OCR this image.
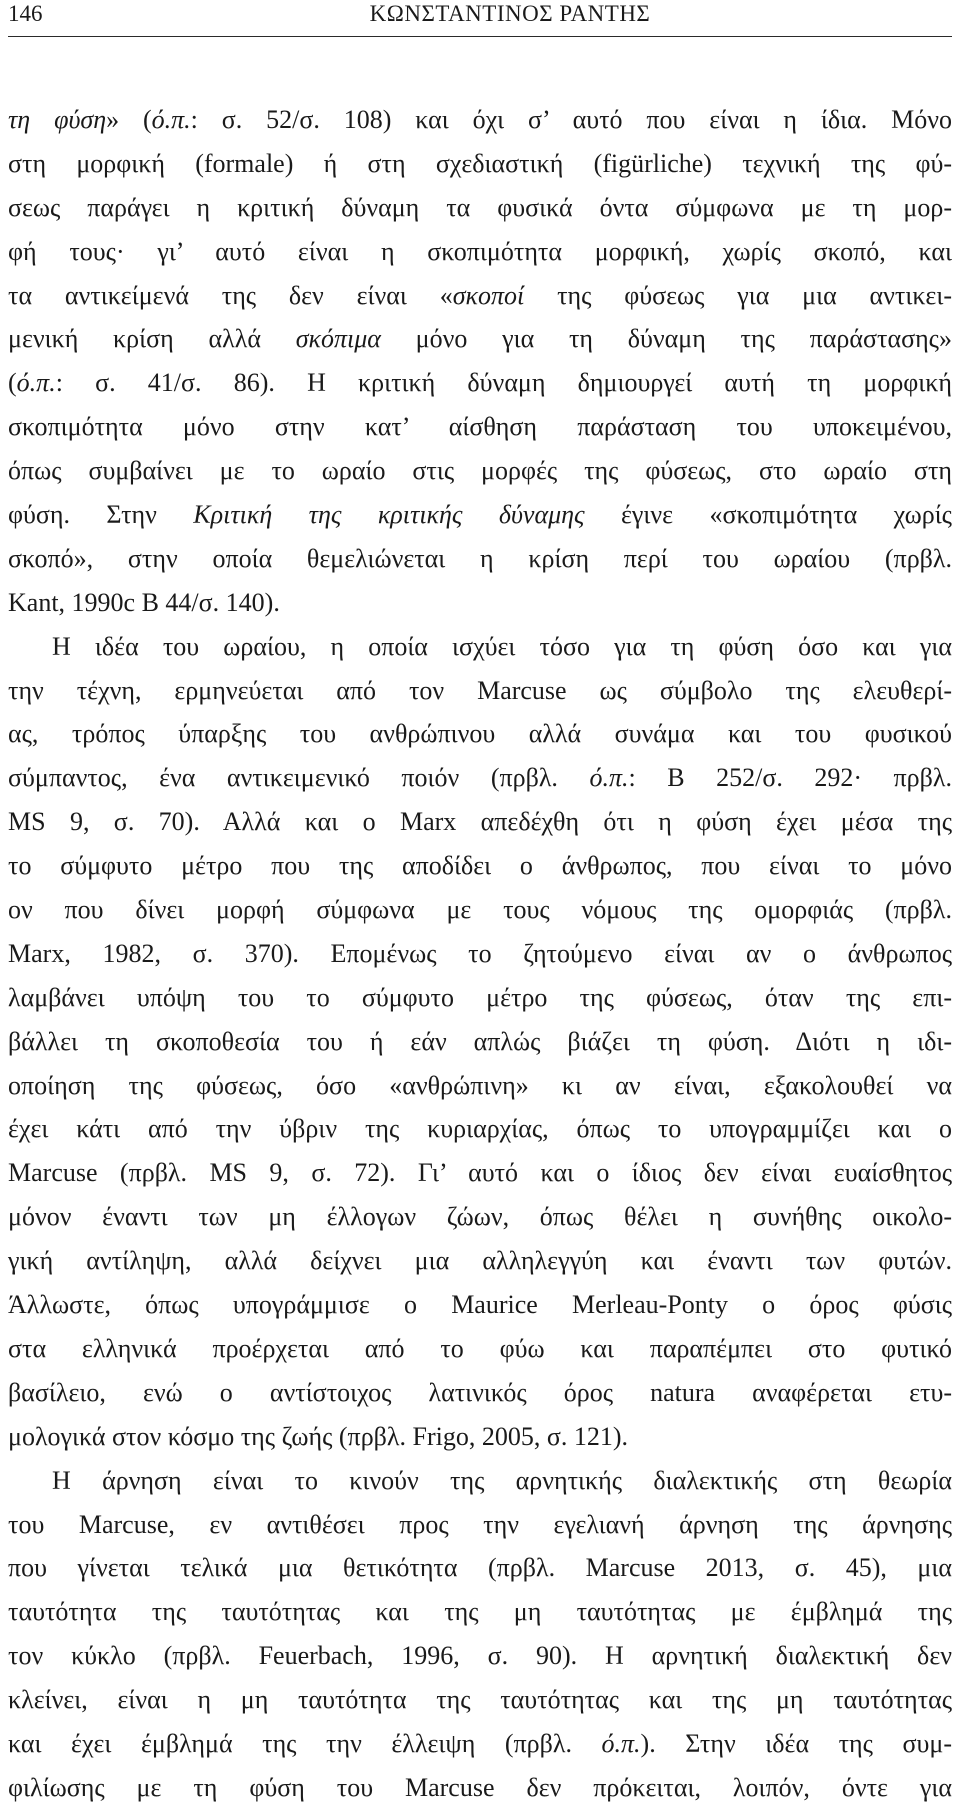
146	ΚΩΝΣΤΑΝΤΙΝΟΣ ΡΑΝΤΗΣ
τη φύση» (ό.π.: σ. 52/σ. 108) και όχι σ’ αυτό που είναι η ίδια. Μόνο
στη μορφική (formale) ή στη σχεδιαστική (figürliche) τεχνική της φύ-
σεως παράγει η κριτική δύναμη τα φυσικά όντα σύμφωνα με τη μορ-
φή τους· γι’ αυτό είναι η σκοπιμότητα μορφική, χωρίς σκοπό, και
τα αντικείμενά της δεν είναι «σκοποί της φύσεως για μια αντικει-
μενική κρίση αλλά σκόπιμα μόνο για τη δύναμη της παράστασης»
(ό.π.: σ. 41/σ. 86). Η κριτική δύναμη δημιουργεί αυτή τη μορφική
σκοπιμότητα μόνο στην κατ’ αίσθηση παράσταση του υποκειμένου,
όπως συμβαίνει με το ωραίο στις μορφές της φύσεως, στο ωραίο στη
φύση. Στην Κριτική της κριτικής δύναμης έγινε «σκοπιμότητα χωρίς
σκοπό», στην οποία θεμελιώνεται η κρίση περί του ωραίου (πρβλ.
Kant, 1990c B 44/σ. 140).
Η ιδέα του ωραίου, η οποία ισχύει τόσο για τη φύση όσο και για
την τέχνη, ερμηνεύεται από τον Marcuse ως σύμβολο της ελευθερί-
ας, τρόπος ύπαρξης του ανθρώπινου αλλά συνάμα και του φυσικού
σύμπαντος, ένα αντικειμενικό ποιόν (πρβλ. ό.π.: B 252/σ. 292· πρβλ.
MS 9, σ. 70). Αλλά και ο Marx απεδέχθη ότι η φύση έχει μέσα της
το σύμφυτο μέτρο που της αποδίδει ο άνθρωπος, που είναι το μόνο
ον που δίνει μορφή σύμφωνα με τους νόμους της ομορφιάς (πρβλ.
Marx, 1982, σ. 370). Επομένως το ζητούμενο είναι αν ο άνθρωπος
λαμβάνει υπόψη του το σύμφυτο μέτρο της φύσεως, όταν της επι-
βάλλει τη σκοποθεσία του ή εάν απλώς βιάζει τη φύση. Διότι η ιδι-
οποίηση της φύσεως, όσο «ανθρώπινη» κι αν είναι, εξακολουθεί να
έχει κάτι από την ύβριν της κυριαρχίας, όπως το υπογραμμίζει και ο
Marcuse (πρβλ. MS 9, σ. 72). Γι’ αυτό και ο ίδιος δεν είναι ευαίσθητος
μόνον έναντι των μη έλλογων ζώων, όπως θέλει η συνήθης οικολο-
γική αντίληψη, αλλά δείχνει μια αλληλεγγύη και έναντι των φυτών.
Άλλωστε, όπως υπογράμμισε ο Maurice Merleau-Ponty ο όρος φύσις
στα ελληνικά προέρχεται από το φύω και παραπέμπει στο φυτικό
βασίλειο, ενώ ο αντίστοιχος λατινικός όρος natura αναφέρεται ετυ-
μολογικά στον κόσμο της ζωής (πρβλ. Frigo, 2005, σ. 121).
Η άρνηση είναι το κινούν της αρνητικής διαλεκτικής στη θεωρία
του Marcuse, εν αντιθέσει προς την εγελιανή άρνηση της άρνησης
που γίνεται τελικά μια θετικότητα (πρβλ. Marcuse 2013, σ. 45), μια
ταυτότητα της ταυτότητας και της μη ταυτότητας με έμβλημά της
τον κύκλο (πρβλ. Feuerbach, 1996, σ. 90). Η αρνητική διαλεκτική δεν
κλείνει, είναι η μη ταυτότητα της ταυτότητας και της μη ταυτότητας
και έχει έμβλημά της την έλλειψη (πρβλ. ό.π.). Στην ιδέα της συμ-
φιλίωσης με τη φύση του Marcuse δεν πρόκειται, λοιπόν, όντε για
